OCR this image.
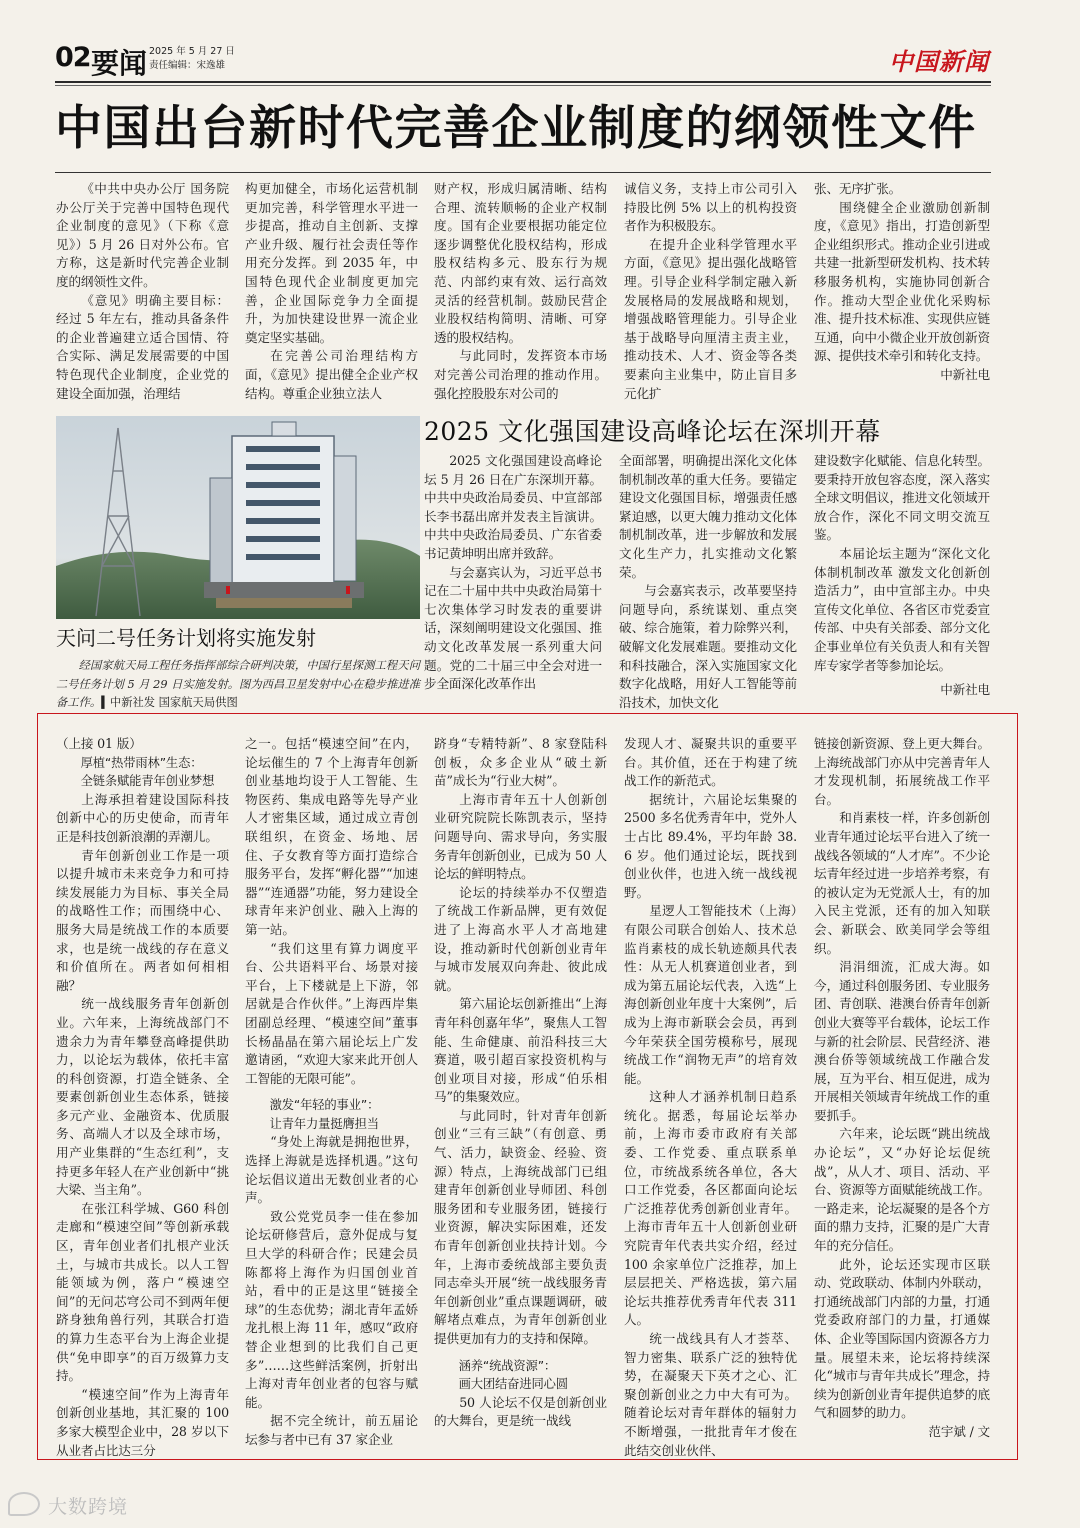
02 要闻 2025 年 5 月 27 日
责任编辑：宋逸雄	中国新闻
中国出台新时代完善企业制度的纲领性文件

《中共中央办公厅 国务院办公厅关于完善中国特色现代企业制度的意见》（下称《意见》）5 月 26 日对外公布。官方称，这是新时代完善企业制度的纲领性文件。

《意见》明确主要目标：经过 5 年左右，推动具备条件的企业普遍建立适合国情、符合实际、满足发展需要的中国特色现代企业制度，企业党的建设全面加强，治理结

构更加健全，市场化运营机制更加完善，科学管理水平进一步提高，推动自主创新、支撑产业升级、履行社会责任等作用充分发挥。到 2035 年，中国特色现代企业制度更加完善，企业国际竞争力全面提升，为加快建设世界一流企业奠定坚实基础。

在完善公司治理结构方面，《意见》提出健全企业产权结构。尊重企业独立法人

财产权，形成归属清晰、结构合理、流转顺畅的企业产权制度。国有企业要根据功能定位逐步调整优化股权结构，形成股权结构多元、股东行为规范、内部约束有效、运行高效灵活的经营机制。鼓励民营企业股权结构简明、清晰、可穿透的股权结构。

与此同时，发挥资本市场对完善公司治理的推动作用。强化控股股东对公司的

诚信义务，支持上市公司引入持股比例 5% 以上的机构投资者作为积极股东。

在提升企业科学管理水平方面，《意见》提出强化战略管理。引导企业科学制定融入新发展格局的发展战略和规划，增强战略管理能力。引导企业基于战略导向厘清主责主业，推动技术、人才、资金等各类要素向主业集中，防止盲目多元化扩

张、无序扩张。

围绕健全企业激励创新制度，《意见》指出，打造创新型企业组织形式。推动企业引进或共建一批新型研发机构、技术转移服务机构，实施协同创新合作。推动大型企业优化采购标准、提升技术标准、实现供应链互通，向中小微企业开放创新资源、提供技术牵引和转化支持。

中新社电

天问二号任务计划将实施发射
经国家航天局工程任务指挥部综合研判决策，中国行星探测工程天问二号任务计划 5 月 29 日实施发射。图为西昌卫星发射中心在稳步推进准备工作。▍中新社发 国家航天局供图
2025 文化强国建设高峰论坛在深圳开幕

2025 文化强国建设高峰论坛 5 月 26 日在广东深圳开幕。中共中央政治局委员、中宣部部长李书磊出席并发表主旨演讲。中共中央政治局委员、广东省委书记黄坤明出席并致辞。

与会嘉宾认为，习近平总书记在二十届中共中央政治局第十七次集体学习时发表的重要讲话，深刻阐明建设文化强国、推动文化改革发展一系列重大问题。党的二十届三中全会对进一步全面深化改革作出

全面部署，明确提出深化文化体制机制改革的重大任务。要锚定建设文化强国目标，增强责任感紧迫感，以更大魄力推动文化体制机制改革，进一步解放和发展文化生产力，扎实推动文化繁荣。

与会嘉宾表示，改革要坚持问题导向，系统谋划、重点突破、综合施策，着力除弊兴利，破解文化发展难题。要推动文化和科技融合，深入实施国家文化数字化战略，用好人工智能等前沿技术，加快文化

建设数字化赋能、信息化转型。要秉持开放包容态度，深入落实全球文明倡议，推进文化领域开放合作，深化不同文明交流互鉴。

本届论坛主题为“深化文化体制机制改革 激发文化创新创造活力”，由中宣部主办。中央宣传文化单位、各省区市党委宣传部、中央有关部委、部分文化企事业单位有关负责人和有关智库专家学者等参加论坛。

中新社电

（上接 01 版）

厚植“热带雨林”生态：

全链条赋能青年创业梦想

上海承担着建设国际科技创新中心的历史使命，而青年正是科技创新浪潮的弄潮儿。

青年创新创业工作是一项以提升城市未来竞争力和可持续发展能力为目标、事关全局的战略性工作；而围绕中心、服务大局是统战工作的本质要求，也是统一战线的存在意义和价值所在。两者如何相相融？

统一战线服务青年创新创业。六年来，上海统战部门不遗余力为青年攀登高峰提供助力，以论坛为载体，依托丰富的科创资源，打造全链条、全要素创新创业生态体系，链接多元产业、金融资本、优质服务、高端人才以及全球市场，用产业集群的“生态红利”，支持更多年轻人在产业创新中“挑大梁、当主角”。

在张江科学城、G60 科创走廊和“模速空间”等创新承载区，青年创业者们扎根产业沃土，与城市共成长。以人工智能领域为例，落户“模速空间”的无问芯穹公司不到两年便跻身独角兽行列，其联合打造的算力生态平台为上海企业提供“免申即享”的百万级算力支持。

“模速空间”作为上海青年创新创业基地，其汇聚的 100 多家大模型企业中，28 岁以下从业者占比达三分

之一。包括“模速空间”在内，论坛催生的 7 个上海青年创新创业基地均设于人工智能、生物医药、集成电路等先导产业人才密集区域，通过成立青创联组织，在资金、场地、居住、子女教育等方面打造综合服务平台，发挥“孵化器”“加速器”“连通器”功能，努力建设全球青年来沪创业、融入上海的第一站。

“我们这里有算力调度平台、公共语料平台、场景对接平台，上下楼就是上下游，邻居就是合作伙伴。”上海西岸集团副总经理、“模速空间”董事长杨晶晶在第六届论坛上广发邀请函，“欢迎大家来此开创人工智能的无限可能”。

激发“年轻的事业”：

让青年力量挺膺担当

“身处上海就是拥抱世界，选择上海就是选择机遇。”这句论坛倡议道出无数创业者的心声。

致公党党员李一佳在参加论坛研修营后，意外促成与复旦大学的科研合作；民建会员陈都将上海作为归国创业首站，看中的正是这里“链接全球”的生态优势；湖北青年孟娇龙扎根上海 11 年，感叹“政府替企业想到的比我们自己更多”……这些鲜活案例，折射出上海对青年创业者的包容与赋能。

据不完全统计，前五届论坛参与者中已有 37 家企业

跻身“专精特新”、8 家登陆科创板，众多企业从“破土新苗”成长为“行业大树”。

上海市青年五十人创新创业研究院院长陈凯表示，坚持问题导向、需求导向，务实服务青年创新创业，已成为 50 人论坛的鲜明特点。

论坛的持续举办不仅塑造了统战工作新品牌，更有效促进了上海高水平人才高地建设，推动新时代创新创业青年与城市发展双向奔赴、彼此成就。

第六届论坛创新推出“上海青年科创嘉年华”，聚焦人工智能、生命健康、前沿科技三大赛道，吸引超百家投资机构与创业项目对接，形成“伯乐相马”的集聚效应。

与此同时，针对青年创新创业“三有三缺”（有创意、勇气、活力，缺资金、经验、资源）特点，上海统战部门已组建青年创新创业导师团、科创服务团和专业服务团，链接行业资源，解决实际困难，还发布青年创新创业扶持计划。今年，上海市委统战部主要负责同志牵头开展“统一战线服务青年创新创业”重点课题调研，破解堵点难点，为青年创新创业提供更加有力的支持和保障。

涵养“统战资源”：

画大团结奋进同心圆

50 人论坛不仅是创新创业的大舞台，更是统一战线

发现人才、凝聚共识的重要平台。其价值，还在于构建了统战工作的新范式。

据统计，六届论坛集聚的 2500 多名优秀青年中，党外人士占比 89.4%，平均年龄 38.6 岁。他们通过论坛，既找到创业伙伴，也进入统一战线视野。

星逻人工智能技术（上海）有限公司联合创始人、技术总监肖素枝的成长轨迹颇具代表性：从无人机赛道创业者，到成为第五届论坛代表，入选“上海创新创业年度十大案例”，后成为上海市新联会会员，再到今年荣获全国劳模称号，展现统战工作“润物无声”的培育效能。

这种人才涵养机制日趋系统化。据悉，每届论坛举办前，上海市委市政府有关部委、工作党委、重点联系单位，市统战系统各单位，各大口工作党委，各区都面向论坛广泛推荐优秀创新创业青年。上海市青年五十人创新创业研究院青年代表共实介绍，经过 100 余家单位广泛推荐，加上层层把关、严格选拔，第六届论坛共推荐优秀青年代表 311 人。

统一战线具有人才荟萃、智力密集、联系广泛的独特优势，在凝聚天下英才之心、汇聚创新创业之力中大有可为。随着论坛对青年群体的辐射力不断增强，一批批青年才俊在此结交创业伙伴、

链接创新资源、登上更大舞台。上海统战部门亦从中完善青年人才发现机制，拓展统战工作平台。

和肖素枝一样，许多创新创业青年通过论坛平台进入了统一战线各领域的“人才库”。不少论坛青年经过进一步培养考察，有的被认定为无党派人士，有的加入民主党派，还有的加入知联会、新联会、欧美同学会等组织。

涓涓细流，汇成大海。如今，通过科创服务团、专业服务团、青创联、港澳台侨青年创新创业大赛等平台载体，论坛工作与新的社会阶层、民营经济、港澳台侨等领域统战工作融合发展，互为平台、相互促进，成为开展相关领域青年统战工作的重要抓手。

六年来，论坛既“跳出统战办论坛”，又“办好论坛促统战”，从人才、项目、活动、平台、资源等方面赋能统战工作。一路走来，论坛凝聚的是各个方面的鼎力支持，汇聚的是广大青年的充分信任。

此外，论坛还实现市区联动、党政联动、体制内外联动，打通统战部门内部的力量，打通党委政府部门的力量，打通媒体、企业等国际国内资源各方力量。展望未来，论坛将持续深化“城市与青年共成长”理念，持续为创新创业青年提供追梦的底气和圆梦的助力。

范宇斌 / 文

大数跨境
